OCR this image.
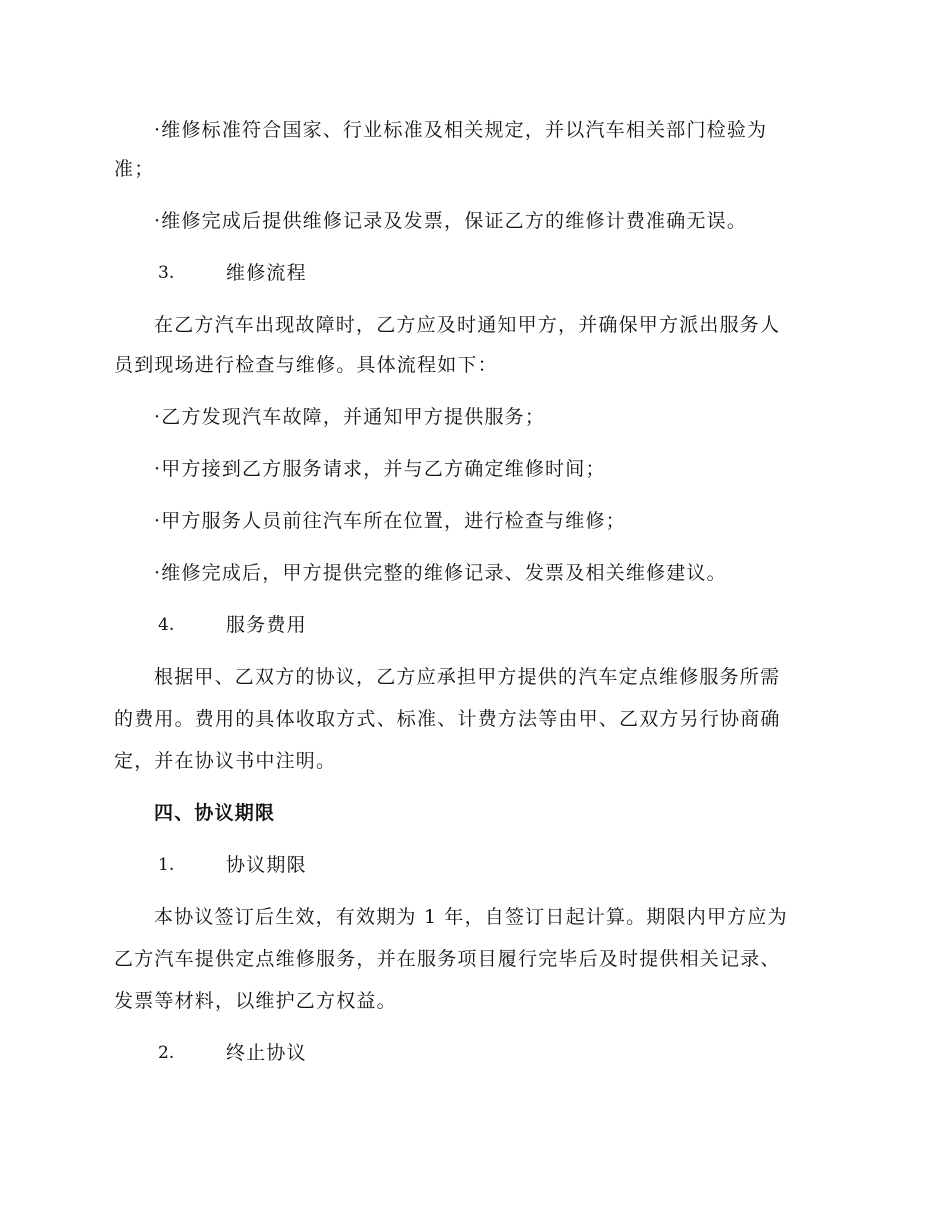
·维修标准符合国家、行业标准及相关规定，并以汽车相关部门检验为
准；
·维修完成后提供维修记录及发票，保证乙方的维修计费准确无误。
3.	维修流程
在乙方汽车出现故障时，乙方应及时通知甲方，并确保甲方派出服务人
员到现场进行检查与维修。具体流程如下：
·乙方发现汽车故障，并通知甲方提供服务；
·甲方接到乙方服务请求，并与乙方确定维修时间；
·甲方服务人员前往汽车所在位置，进行检查与维修；
·维修完成后，甲方提供完整的维修记录、发票及相关维修建议。
4.	服务费用
根据甲、乙双方的协议，乙方应承担甲方提供的汽车定点维修服务所需
的费用。费用的具体收取方式、标准、计费方法等由甲、乙双方另行协商确
定，并在协议书中注明。
四、协议期限
1.	协议期限
本协议签订后生效，有效期为 1 年，自签订日起计算。期限内甲方应为
乙方汽车提供定点维修服务，并在服务项目履行完毕后及时提供相关记录、
发票等材料，以维护乙方权益。
2.	终止协议
